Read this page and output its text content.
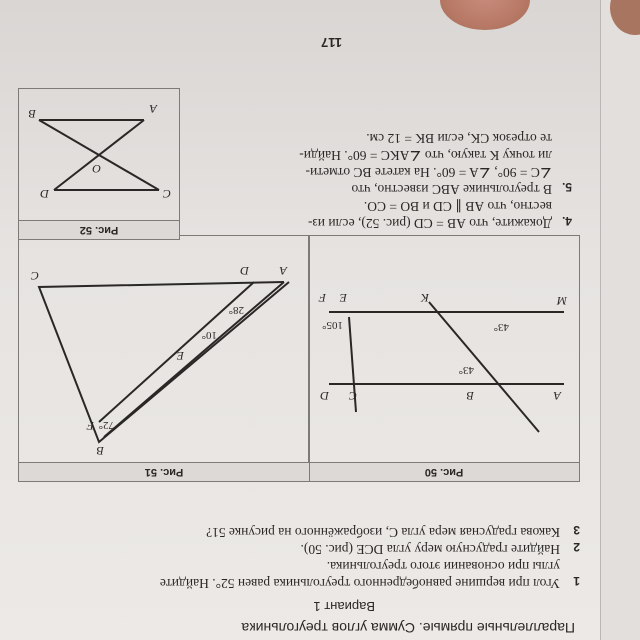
Параллельные прямые. Сумма углов треугольника
Вариант 1
1
Угол при вершине равнобедренного треугольника равен 52°. Найдите
углы при основании этого треугольника.
2
Найдите градусную меру угла DCE (рис. 50).
3
Какова градусная мера угла C, изображённого на рисунке 51?
Рис. 50
A
B
C
D
M
K
E
F
43°
43°
105°
Рис. 51
A
D
C
B
F
E
28°
10°
72°
4.
Докажите, что AB = CD (рис. 52), если из-
вестно, что AB ∥ CD и BO = CO.
5.
В треугольнике ABC известно, что
∠C = 90°, ∠A = 60°. На катете BC отмети-
ли точку K такую, что ∠AKC = 60°. Найди-
те отрезок CK, если BK = 12 см.
Рис. 52
C
D
A
B
O
117
